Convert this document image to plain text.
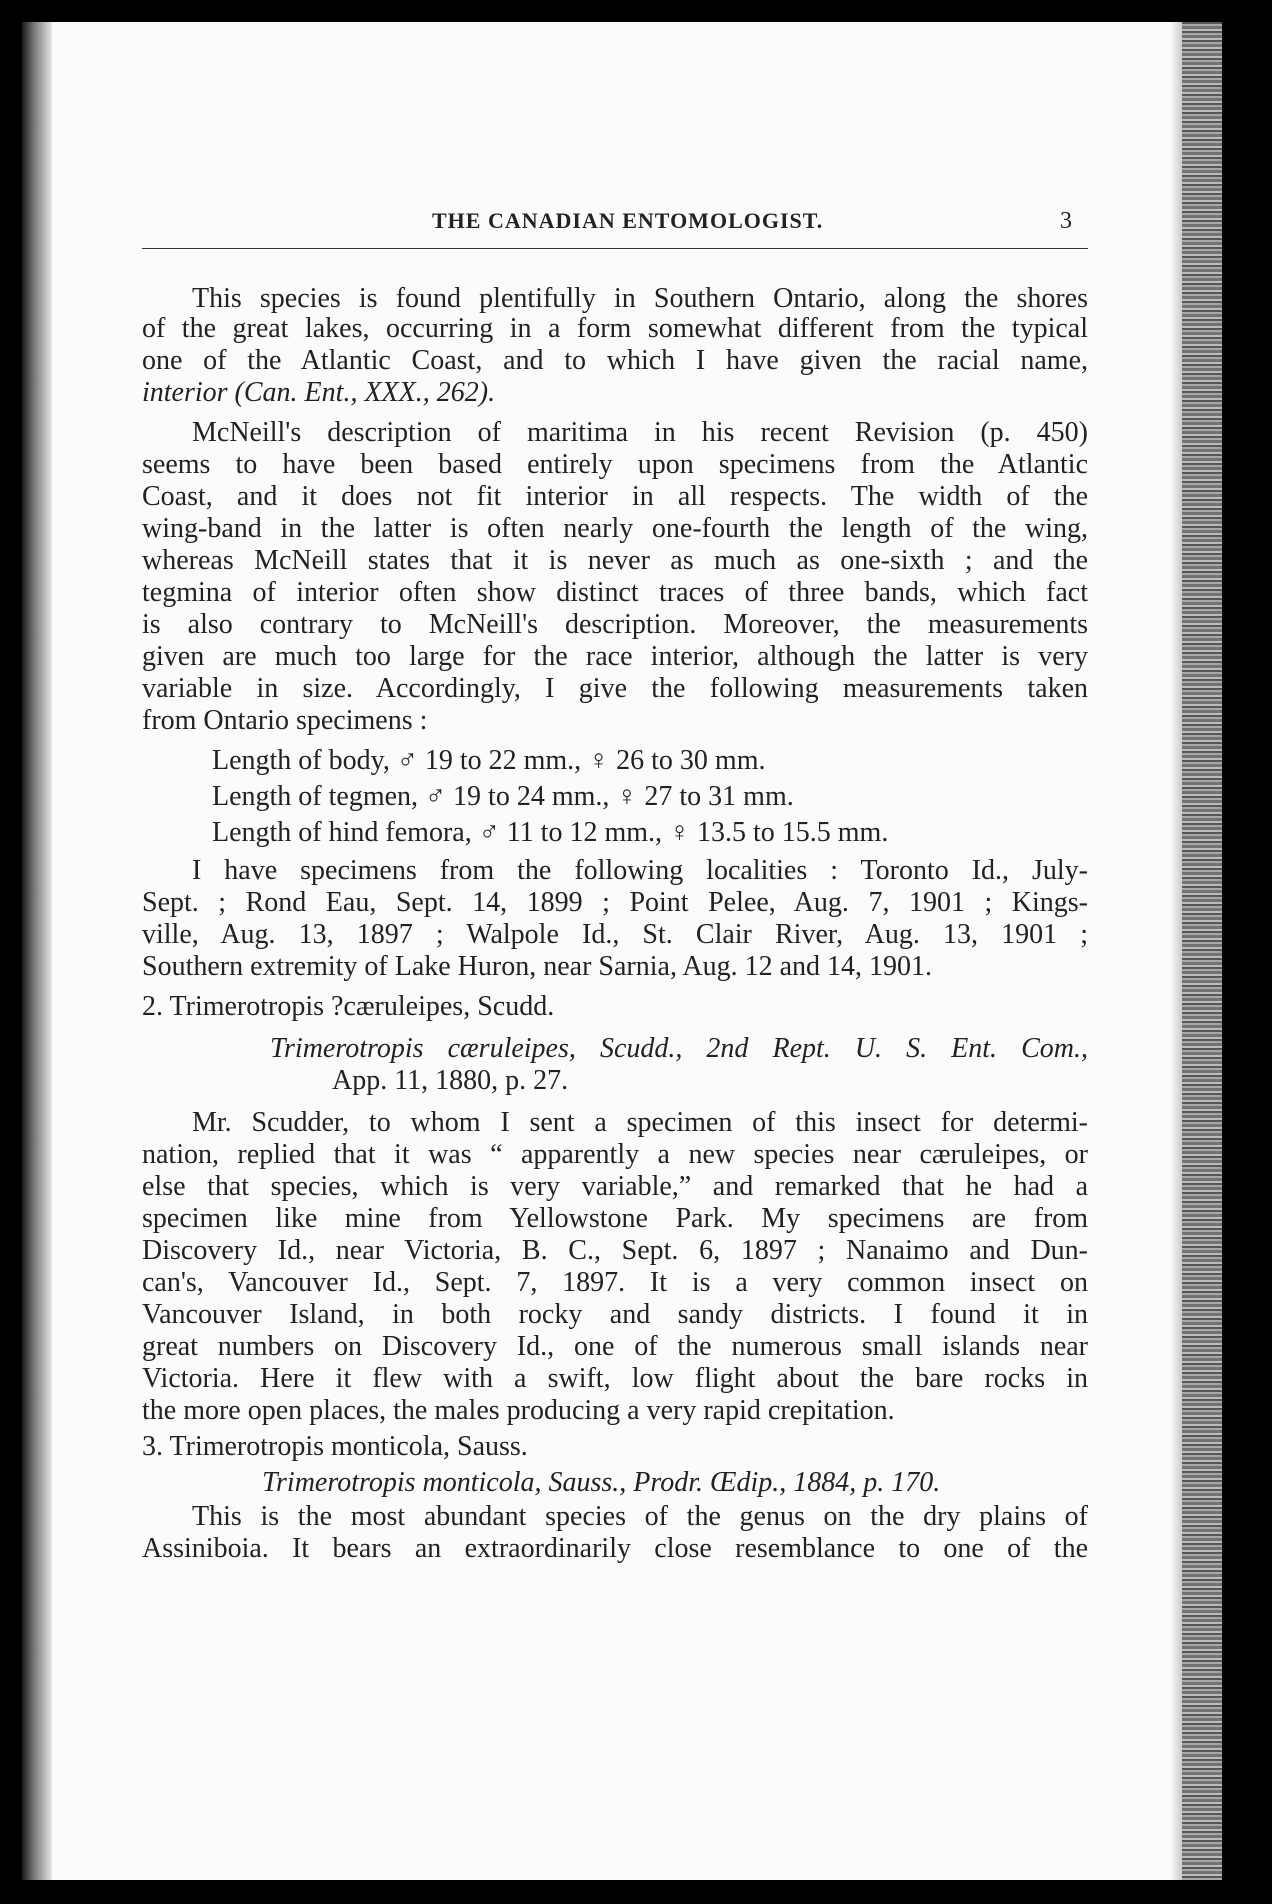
THE CANADIAN ENTOMOLOGIST.	3
This species is found plentifully in Southern Ontario, along the shores
of the great lakes, occurring in a form somewhat different from the typical
one of the Atlantic Coast, and to which I have given the racial name,
interior (Can. Ent., XXX., 262).
McNeill's description of maritima in his recent Revision (p. 450)
seems to have been based entirely upon specimens from the Atlantic
Coast, and it does not fit interior in all respects. The width of the
wing-band in the latter is often nearly one-fourth the length of the wing,
whereas McNeill states that it is never as much as one-sixth ; and the
tegmina of interior often show distinct traces of three bands, which fact
is also contrary to McNeill's description. Moreover, the measurements
given are much too large for the race interior, although the latter is very
variable in size. Accordingly, I give the following measurements taken
from Ontario specimens :
Length of body, ♂ 19 to 22 mm., ♀ 26 to 30 mm.
Length of tegmen, ♂ 19 to 24 mm., ♀ 27 to 31 mm.
Length of hind femora, ♂ 11 to 12 mm., ♀ 13.5 to 15.5 mm.
I have specimens from the following localities : Toronto Id., July-
Sept. ; Rond Eau, Sept. 14, 1899 ; Point Pelee, Aug. 7, 1901 ; Kings-
ville, Aug. 13, 1897 ; Walpole Id., St. Clair River, Aug. 13, 1901 ;
Southern extremity of Lake Huron, near Sarnia, Aug. 12 and 14, 1901.
2. Trimerotropis ?cæruleipes, Scudd.
Trimerotropis cæruleipes, Scudd., 2nd Rept. U. S. Ent. Com.,
App. 11, 1880, p. 27.
Mr. Scudder, to whom I sent a specimen of this insect for determi-
nation, replied that it was “ apparently a new species near cæruleipes, or
else that species, which is very variable,” and remarked that he had a
specimen like mine from Yellowstone Park. My specimens are from
Discovery Id., near Victoria, B. C., Sept. 6, 1897 ; Nanaimo and Dun-
can's, Vancouver Id., Sept. 7, 1897. It is a very common insect on
Vancouver Island, in both rocky and sandy districts. I found it in
great numbers on Discovery Id., one of the numerous small islands near
Victoria. Here it flew with a swift, low flight about the bare rocks in
the more open places, the males producing a very rapid crepitation.
3. Trimerotropis monticola, Sauss.
Trimerotropis monticola, Sauss., Prodr. Œdip., 1884, p. 170.
This is the most abundant species of the genus on the dry plains of
Assiniboia. It bears an extraordinarily close resemblance to one of the
